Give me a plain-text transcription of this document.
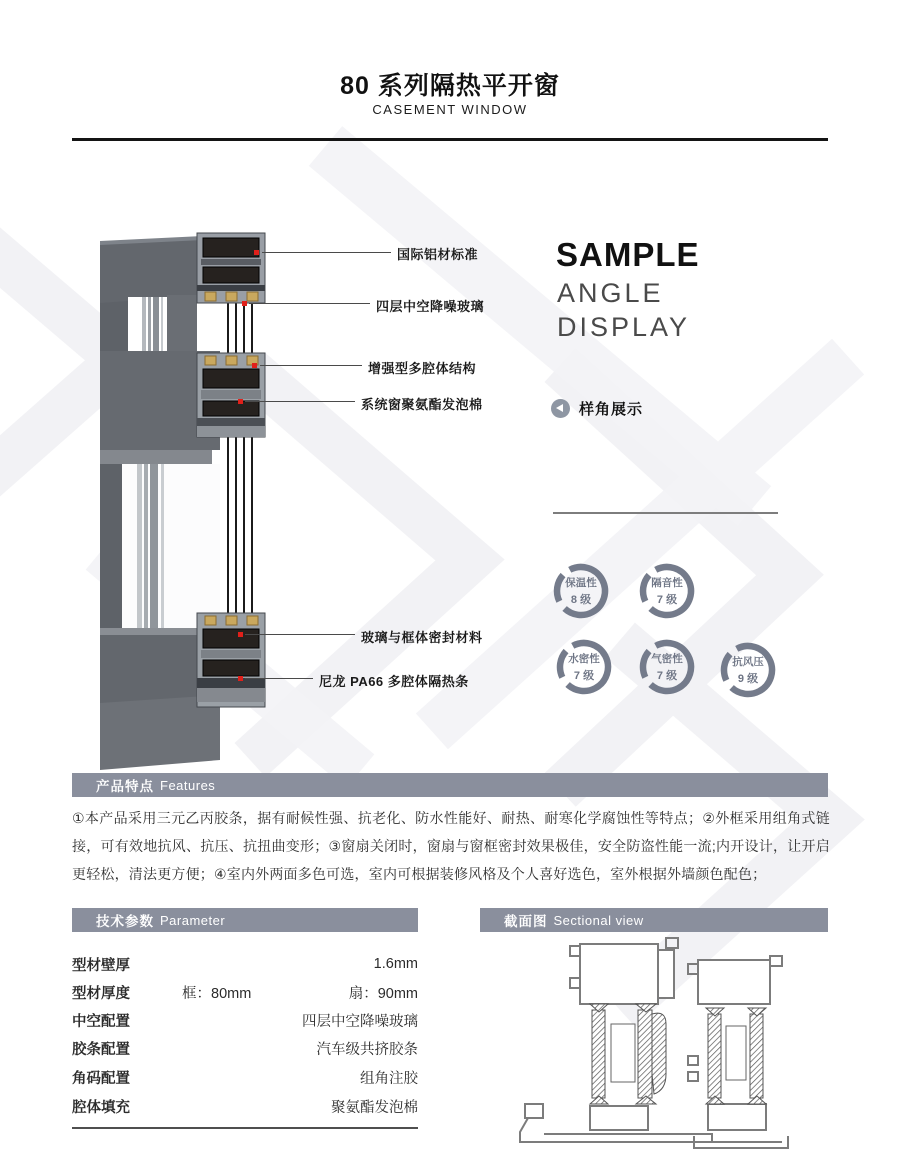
80 系列隔热平开窗
CASEMENT WINDOW
国际铝材标准
四层中空降噪玻璃
增强型多腔体结构
系统窗聚氨酯发泡棉
玻璃与框体密封材料
尼龙 PA66 多腔体隔热条
SAMPLE
ANGLE
DISPLAY
样角展示
保温性
8 级
隔音性
7 级
水密性
7 级
气密性
7 级
抗风压
9 级
产品特点 Features
①本产品采用三元乙丙胶条，据有耐候性强、抗老化、防水性能好、耐热、耐寒化学腐蚀性等特点；②外框采用组角式链接，可有效地抗风、抗压、抗扭曲变形；③窗扇关闭时，窗扇与窗框密封效果极佳，安全防盗性能一流;内开设计，让开启更轻松，清法更方便；④室内外两面多色可选，室内可根据装修风格及个人喜好选色，室外根据外墙颜色配色；
技术参数 Parameter
型材壁厚	1.6mm
型材厚度	框：80mm	扇：90mm
中空配置	四层中空降噪玻璃
胶条配置	汽车级共挤胶条
角码配置	组角注胶
腔体填充	聚氨酯发泡棉
截面图 Sectional view
